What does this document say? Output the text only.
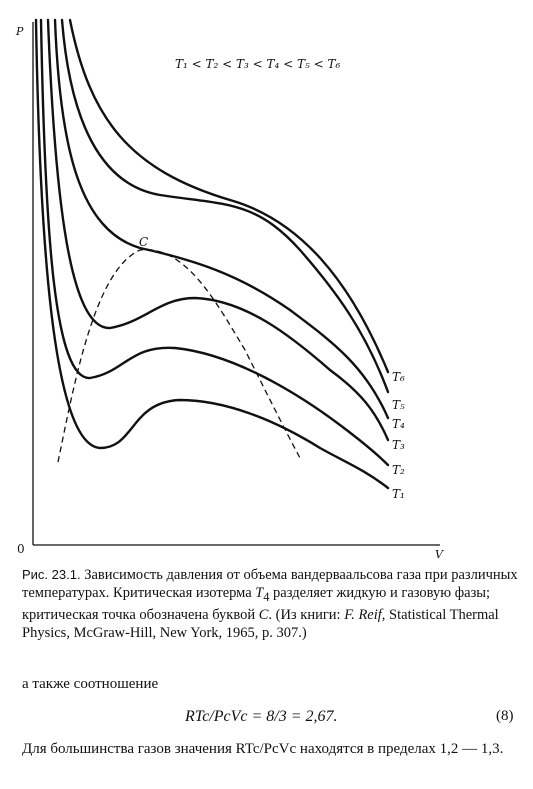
P
V
0
T₁ < T₂ < T₃ < T₄ < T₅ < T₆
C
T₆
T₅
T₄
T₃
T₂
T₁
Рис. 23.1. Зависимость давления от объема вандерваальсова газа при различных температурах. Критическая изотерма $T_4$ разделяет жидкую и газовую фазы; критическая точка обозначена буквой C. (Из книги: F. Reif, Statistical Thermal Physics, McGraw-Hill, New York, 1965, p. 307.)
а также соотношение
RTc/PcVc = 8/3 = 2,67.	(8)
Для большинства газов значения RTc/PcVc находятся в пределах 1,2 — 1,3.
